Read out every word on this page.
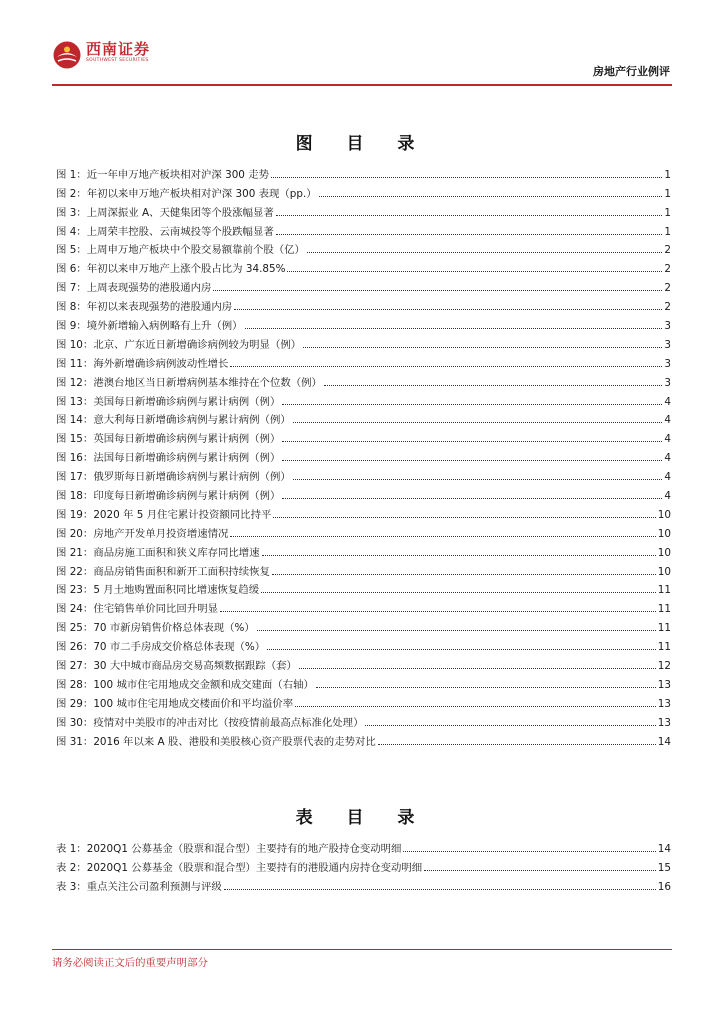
西南证券
SOUTHWEST SECURITIES
房地产行业例评
图 目 录
图 1： 近一年申万地产板块相对沪深 300 走势	1
图 2： 年初以来申万地产板块相对沪深 300 表现（pp.）	1
图 3： 上周深振业 A、天健集团等个股涨幅显著	1
图 4： 上周荣丰控股、云南城投等个股跌幅显著	1
图 5： 上周申万地产板块中个股交易额靠前个股（亿）	2
图 6： 年初以来申万地产上涨个股占比为 34.85%	2
图 7： 上周表现强势的港股通内房	2
图 8： 年初以来表现强势的港股通内房	2
图 9： 境外新增输入病例略有上升（例）	3
图 10： 北京、广东近日新增确诊病例较为明显（例）	3
图 11： 海外新增确诊病例波动性增长	3
图 12： 港澳台地区当日新增病例基本维持在个位数（例）	3
图 13： 美国每日新增确诊病例与累计病例（例）	4
图 14： 意大利每日新增确诊病例与累计病例（例）	4
图 15： 英国每日新增确诊病例与累计病例（例）	4
图 16： 法国每日新增确诊病例与累计病例（例）	4
图 17： 俄罗斯每日新增确诊病例与累计病例（例）	4
图 18： 印度每日新增确诊病例与累计病例（例）	4
图 19： 2020 年 5 月住宅累计投资额同比持平	10
图 20： 房地产开发单月投资增速情况	10
图 21： 商品房施工面积和狭义库存同比增速	10
图 22： 商品房销售面积和新开工面积持续恢复	10
图 23： 5 月土地购置面积同比增速恢复趋缓	11
图 24： 住宅销售单价同比回升明显	11
图 25： 70 市新房销售价格总体表现（%）	11
图 26： 70 市二手房成交价格总体表现（%）	11
图 27： 30 大中城市商品房交易高频数据跟踪（套）	12
图 28： 100 城市住宅用地成交金额和成交建面（右轴）	13
图 29： 100 城市住宅用地成交楼面价和平均溢价率	13
图 30： 疫情对中美股市的冲击对比（按疫情前最高点标准化处理）	13
图 31： 2016 年以来 A 股、港股和美股核心资产股票代表的走势对比	14
表 目 录
表 1： 2020Q1 公募基金（股票和混合型）主要持有的地产股持仓变动明细	14
表 2： 2020Q1 公募基金（股票和混合型）主要持有的港股通内房持仓变动明细	15
表 3： 重点关注公司盈利预测与评级	16
请务必阅读正文后的重要声明部分
